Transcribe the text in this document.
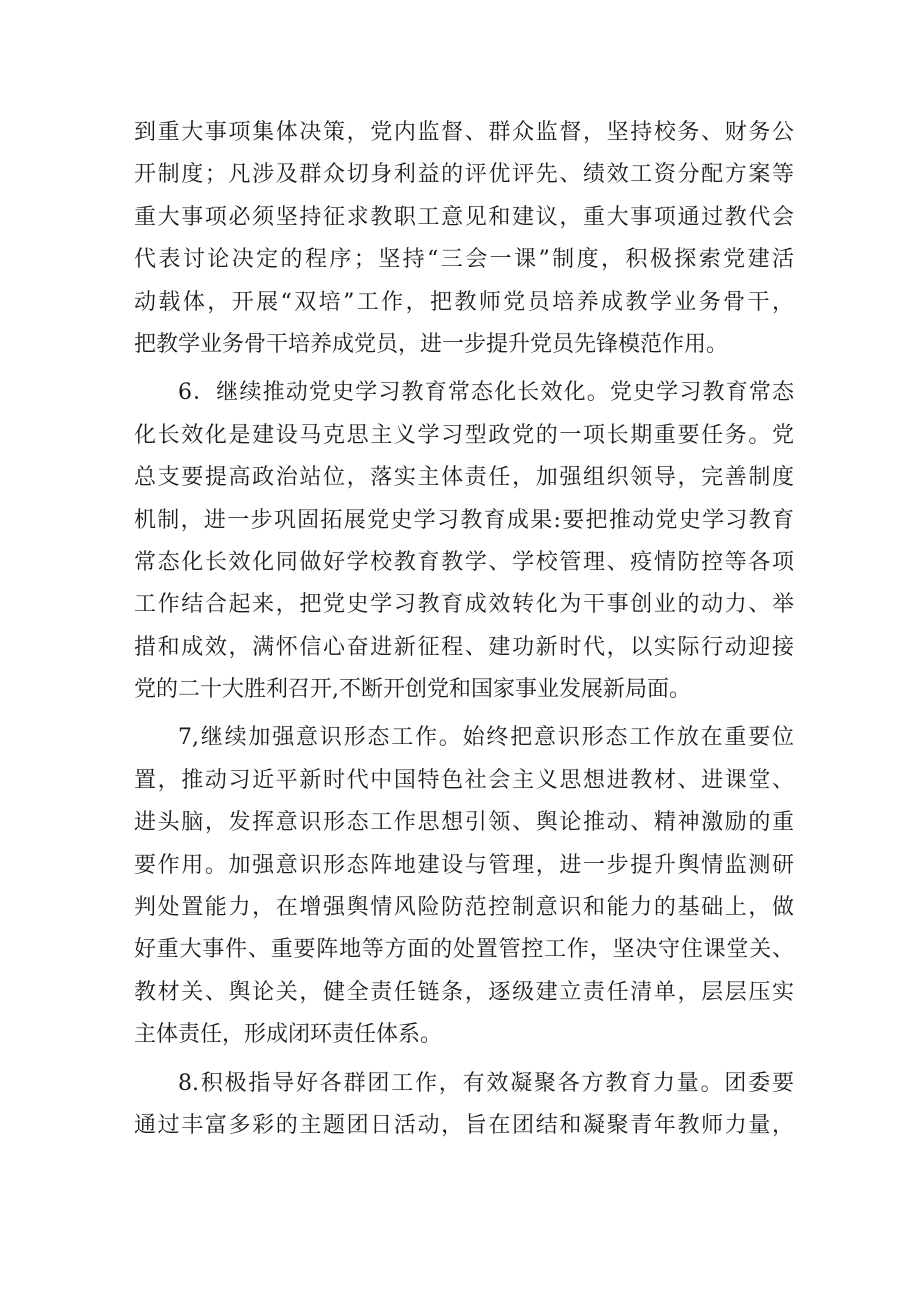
到重大事项集体决策，党内监督、群众监督，坚持校务、财务公
开制度；凡涉及群众切身利益的评优评先、绩效工资分配方案等
重大事项必须坚持征求教职工意见和建议，重大事项通过教代会
代表讨论决定的程序；坚持“三会一课”制度，积极探索党建活
动载体，开展“双培”工作，把教师党员培养成教学业务骨干，
把教学业务骨干培养成党员，进一步提升党员先锋模范作用。
6．继续推动党史学习教育常态化长效化。党史学习教育常态
化长效化是建设马克思主义学习型政党的一项长期重要任务。党
总支要提高政治站位，落实主体责任，加强组织领导，完善制度
机制，进一步巩固拓展党史学习教育成果:要把推动党史学习教育
常态化长效化同做好学校教育教学、学校管理、疫情防控等各项
工作结合起来，把党史学习教育成效转化为干事创业的动力、举
措和成效，满怀信心奋进新征程、建功新时代，以实际行动迎接
党的二十大胜利召开,不断开创党和国家事业发展新局面。
7,继续加强意识形态工作。始终把意识形态工作放在重要位
置，推动习近平新时代中国特色社会主义思想进教材、进课堂、
进头脑，发挥意识形态工作思想引领、舆论推动、精神激励的重
要作用。加强意识形态阵地建设与管理，进一步提升舆情监测研
判处置能力，在增强舆情风险防范控制意识和能力的基础上，做
好重大事件、重要阵地等方面的处置管控工作，坚决守住课堂关、
教材关、舆论关，健全责任链条，逐级建立责任清单，层层压实
主体责任，形成闭环责任体系。
8.积极指导好各群团工作，有效凝聚各方教育力量。团委要
通过丰富多彩的主题团日活动，旨在团结和凝聚青年教师力量，
